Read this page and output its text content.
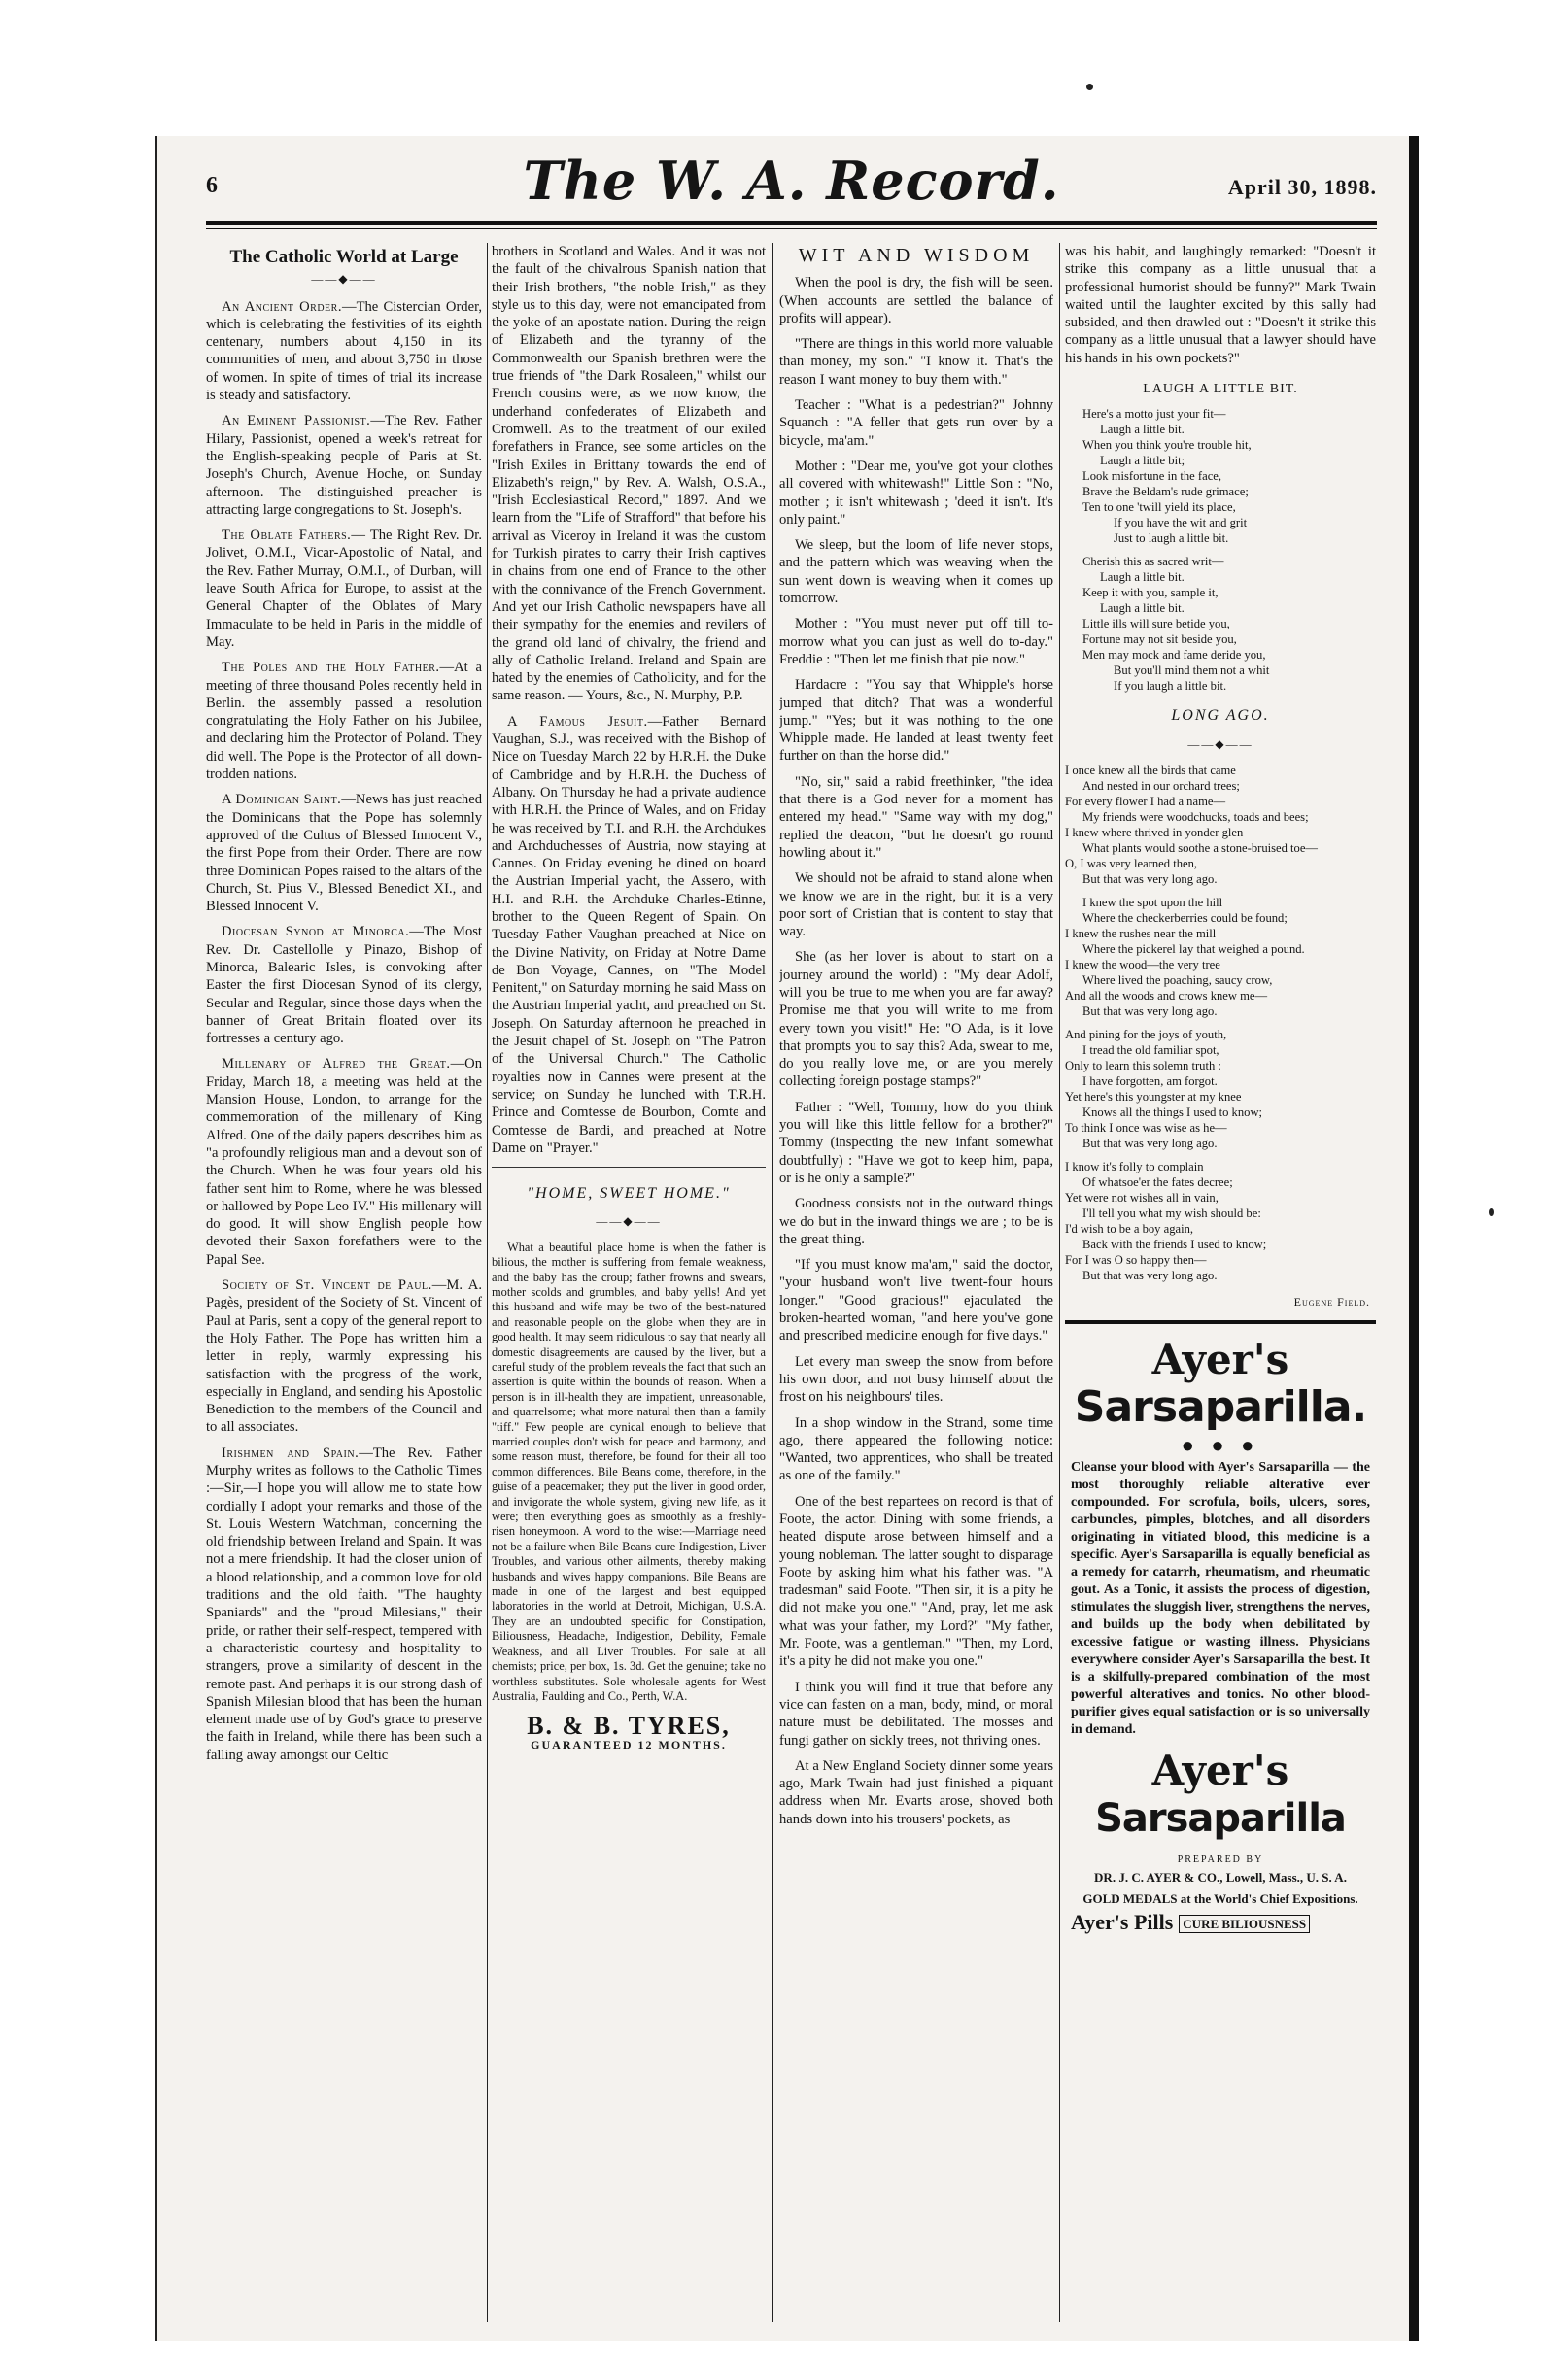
6	The W. A. Record.	April 30, 1898.
The Catholic World at Large
——◆——

An Ancient Order.—The Cistercian Order, which is celebrating the festivities of its eighth centenary, numbers about 4,150 in its communities of men, and about 3,750 in those of women. In spite of times of trial its increase is steady and satisfactory.

An Eminent Passionist.—The Rev. Father Hilary, Passionist, opened a week's retreat for the English-speaking people of Paris at St. Joseph's Church, Avenue Hoche, on Sunday afternoon. The distinguished preacher is attracting large congregations to St. Joseph's.

The Oblate Fathers.— The Right Rev. Dr. Jolivet, O.M.I., Vicar-Apostolic of Natal, and the Rev. Father Murray, O.M.I., of Durban, will leave South Africa for Europe, to assist at the General Chapter of the Oblates of Mary Immaculate to be held in Paris in the middle of May.

The Poles and the Holy Father.—At a meeting of three thousand Poles recently held in Berlin. the assembly passed a resolution congratulating the Holy Father on his Jubilee, and declaring him the Protector of Poland. They did well. The Pope is the Protector of all down-trodden nations.

A Dominican Saint.—News has just reached the Dominicans that the Pope has solemnly approved of the Cultus of Blessed Innocent V., the first Pope from their Order. There are now three Dominican Popes raised to the altars of the Church, St. Pius V., Blessed Benedict XI., and Blessed Innocent V.

Diocesan Synod at Minorca.—The Most Rev. Dr. Castellolle y Pinazo, Bishop of Minorca, Balearic Isles, is convoking after Easter the first Diocesan Synod of its clergy, Secular and Regular, since those days when the banner of Great Britain floated over its fortresses a century ago.

Millenary of Alfred the Great.—On Friday, March 18, a meeting was held at the Mansion House, London, to arrange for the commemoration of the millenary of King Alfred. One of the daily papers describes him as "a profoundly religious man and a devout son of the Church. When he was four years old his father sent him to Rome, where he was blessed or hallowed by Pope Leo IV." His millenary will do good. It will show English people how devoted their Saxon forefathers were to the Papal See.

Society of St. Vincent de Paul.—M. A. Pagès, president of the Society of St. Vincent of Paul at Paris, sent a copy of the general report to the Holy Father. The Pope has written him a letter in reply, warmly expressing his satisfaction with the progress of the work, especially in England, and sending his Apostolic Benediction to the members of the Council and to all associates.

Irishmen and Spain.—The Rev. Father Murphy writes as follows to the Catholic Times :—Sir,—I hope you will allow me to state how cordially I adopt your remarks and those of the St. Louis Western Watchman, concerning the old friendship between Ireland and Spain. It was not a mere friendship. It had the closer union of a blood relationship, and a common love for old traditions and the old faith. "The haughty Spaniards" and the "proud Milesians," their pride, or rather their self-respect, tempered with a characteristic courtesy and hospitality to strangers, prove a similarity of descent in the remote past. And perhaps it is our strong dash of Spanish Milesian blood that has been the human element made use of by God's grace to preserve the faith in Ireland, while there has been such a falling away amongst our Celtic

brothers in Scotland and Wales. And it was not the fault of the chivalrous Spanish nation that their Irish brothers, "the noble Irish," as they style us to this day, were not emancipated from the yoke of an apostate nation. During the reign of Elizabeth and the tyranny of the Commonwealth our Spanish brethren were the true friends of "the Dark Rosaleen," whilst our French cousins were, as we now know, the underhand confederates of Elizabeth and Cromwell. As to the treatment of our exiled forefathers in France, see some articles on the "Irish Exiles in Brittany towards the end of Elizabeth's reign," by Rev. A. Walsh, O.S.A., "Irish Ecclesiastical Record," 1897. And we learn from the "Life of Strafford" that before his arrival as Viceroy in Ireland it was the custom for Turkish pirates to carry their Irish captives in chains from one end of France to the other with the connivance of the French Government. And yet our Irish Catholic newspapers have all their sympathy for the enemies and revilers of the grand old land of chivalry, the friend and ally of Catholic Ireland. Ireland and Spain are hated by the enemies of Catholicity, and for the same reason. — Yours, &c., N. Murphy, P.P.

A Famous Jesuit.—Father Bernard Vaughan, S.J., was received with the Bishop of Nice on Tuesday March 22 by H.R.H. the Duke of Cambridge and by H.R.H. the Duchess of Albany. On Thursday he had a private audience with H.R.H. the Prince of Wales, and on Friday he was received by T.I. and R.H. the Archdukes and Archduchesses of Austria, now staying at Cannes. On Friday evening he dined on board the Austrian Imperial yacht, the Assero, with H.I. and R.H. the Archduke Charles-Etinne, brother to the Queen Regent of Spain. On Tuesday Father Vaughan preached at Nice on the Divine Nativity, on Friday at Notre Dame de Bon Voyage, Cannes, on "The Model Penitent," on Saturday morning he said Mass on the Austrian Imperial yacht, and preached on St. Joseph. On Saturday afternoon he preached in the Jesuit chapel of St. Joseph on "The Patron of the Universal Church." The Catholic royalties now in Cannes were present at the service; on Sunday he lunched with T.R.H. Prince and Comtesse de Bourbon, Comte and Comtesse de Bardi, and preached at Notre Dame on "Prayer."

"HOME, SWEET HOME."
——◆——

What a beautiful place home is when the father is bilious, the mother is suffering from female weakness, and the baby has the croup; father frowns and swears, mother scolds and grumbles, and baby yells! And yet this husband and wife may be two of the best-natured and reasonable people on the globe when they are in good health. It may seem ridiculous to say that nearly all domestic disagreements are caused by the liver, but a careful study of the problem reveals the fact that such an assertion is quite within the bounds of reason. When a person is in ill-health they are impatient, unreasonable, and quarrelsome; what more natural then than a family "tiff." Few people are cynical enough to believe that married couples don't wish for peace and harmony, and some reason must, therefore, be found for their all too common differences. Bile Beans come, therefore, in the guise of a peacemaker; they put the liver in good order, and invigorate the whole system, giving new life, as it were; then everything goes as smoothly as a freshly-risen honeymoon. A word to the wise:—Marriage need not be a failure when Bile Beans cure Indigestion, Liver Troubles, and various other ailments, thereby making husbands and wives happy companions. Bile Beans are made in one of the largest and best equipped laboratories in the world at Detroit, Michigan, U.S.A. They are an undoubted specific for Constipation, Biliousness, Headache, Indigestion, Debility, Female Weakness, and all Liver Troubles. For sale at all chemists; price, per box, 1s. 3d. Get the genuine; take no worthless substitutes. Sole wholesale agents for West Australia, Faulding and Co., Perth, W.A.

B. & B. TYRES,
GUARANTEED 12 MONTHS.
WIT AND WISDOM

When the pool is dry, the fish will be seen. (When accounts are settled the balance of profits will appear).

"There are things in this world more valuable than money, my son." "I know it. That's the reason I want money to buy them with."

Teacher : "What is a pedestrian?" Johnny Squanch : "A feller that gets run over by a bicycle, ma'am."

Mother : "Dear me, you've got your clothes all covered with whitewash!" Little Son : "No, mother ; it isn't whitewash ; 'deed it isn't. It's only paint."

We sleep, but the loom of life never stops, and the pattern which was weaving when the sun went down is weaving when it comes up tomorrow.

Mother : "You must never put off till to-morrow what you can just as well do to-day." Freddie : "Then let me finish that pie now."

Hardacre : "You say that Whipple's horse jumped that ditch? That was a wonderful jump." "Yes; but it was nothing to the one Whipple made. He landed at least twenty feet further on than the horse did."

"No, sir," said a rabid freethinker, "the idea that there is a God never for a moment has entered my head." "Same way with my dog," replied the deacon, "but he doesn't go round howling about it."

We should not be afraid to stand alone when we know we are in the right, but it is a very poor sort of Cristian that is content to stay that way.

She (as her lover is about to start on a journey around the world) : "My dear Adolf, will you be true to me when you are far away? Promise me that you will write to me from every town you visit!" He: "O Ada, is it love that prompts you to say this? Ada, swear to me, do you really love me, or are you merely collecting foreign postage stamps?"

Father : "Well, Tommy, how do you think you will like this little fellow for a brother?" Tommy (inspecting the new infant somewhat doubtfully) : "Have we got to keep him, papa, or is he only a sample?"

Goodness consists not in the outward things we do but in the inward things we are ; to be is the great thing.

"If you must know ma'am," said the doctor, "your husband won't live twent-four hours longer." "Good gracious!" ejaculated the broken-hearted woman, "and here you've gone and prescribed medicine enough for five days."

Let every man sweep the snow from before his own door, and not busy himself about the frost on his neighbours' tiles.

In a shop window in the Strand, some time ago, there appeared the following notice: "Wanted, two apprentices, who shall be treated as one of the family."

One of the best repartees on record is that of Foote, the actor. Dining with some friends, a heated dispute arose between himself and a young nobleman. The latter sought to disparage Foote by asking him what his father was. "A tradesman" said Foote. "Then sir, it is a pity he did not make you one." "And, pray, let me ask what was your father, my Lord?" "My father, Mr. Foote, was a gentleman." "Then, my Lord, it's a pity he did not make you one."

I think you will find it true that before any vice can fasten on a man, body, mind, or moral nature must be debilitated. The mosses and fungi gather on sickly trees, not thriving ones.

At a New England Society dinner some years ago, Mark Twain had just finished a piquant address when Mr. Evarts arose, shoved both hands down into his trousers' pockets, as

was his habit, and laughingly remarked: "Doesn't it strike this company as a little unusual that a professional humorist should be funny?" Mark Twain waited until the laughter excited by this sally had subsided, and then drawled out : "Doesn't it strike this company as a little unusual that a lawyer should have his hands in his own pockets?"

LAUGH A LITTLE BIT.
Here's a motto just your fit—
Laugh a little bit.
When you think you're trouble hit,
Laugh a little bit;
Look misfortune in the face,
Brave the Beldam's rude grimace;
Ten to one 'twill yield its place,
If you have the wit and grit
Just to laugh a little bit.

Cherish this as sacred writ—
Laugh a little bit.
Keep it with you, sample it,
Laugh a little bit.
Little ills will sure betide you,
Fortune may not sit beside you,
Men may mock and fame deride you,
But you'll mind them not a whit
If you laugh a little bit.
LONG AGO.
——◆——
I once knew all the birds that came
And nested in our orchard trees;
For every flower I had a name—
My friends were woodchucks, toads and bees;
I knew where thrived in yonder glen
What plants would soothe a stone-bruised toe—
O, I was very learned then,
But that was very long ago.

I knew the spot upon the hill
Where the checkerberries could be found;
I knew the rushes near the mill
Where the pickerel lay that weighed a pound.
I knew the wood—the very tree
Where lived the poaching, saucy crow,
And all the woods and crows knew me—
But that was very long ago.

And pining for the joys of youth,
I tread the old familiar spot,
Only to learn this solemn truth :
I have forgotten, am forgot.
Yet here's this youngster at my knee
Knows all the things I used to know;
To think I once was wise as he—
But that was very long ago.

I know it's folly to complain
Of whatsoe'er the fates decree;
Yet were not wishes all in vain,
I'll tell you what my wish should be:
I'd wish to be a boy again,
Back with the friends I used to know;
For I was O so happy then—
But that was very long ago.
Eugene Field.
Ayer's
Sarsaparilla.
● ● ●
Cleanse your blood with Ayer's Sarsaparilla — the most thoroughly reliable alterative ever compounded. For scrofula, boils, ulcers, sores, carbuncles, pimples, blotches, and all disorders originating in vitiated blood, this medicine is a specific. Ayer's Sarsaparilla is equally beneficial as a remedy for catarrh, rheumatism, and rheumatic gout. As a Tonic, it assists the process of digestion, stimulates the sluggish liver, strengthens the nerves, and builds up the body when debilitated by excessive fatigue or wasting illness. Physicians everywhere consider Ayer's Sarsaparilla the best. It is a skilfully-prepared combination of the most powerful alteratives and tonics. No other blood-purifier gives equal satisfaction or is so universally in demand.
Ayer's
Sarsaparilla
PREPARED BY
DR. J. C. AYER & CO., Lowell, Mass., U. S. A.
GOLD MEDALS at the World's Chief Expositions.
Ayer's Pills CURE BILIOUSNESS
